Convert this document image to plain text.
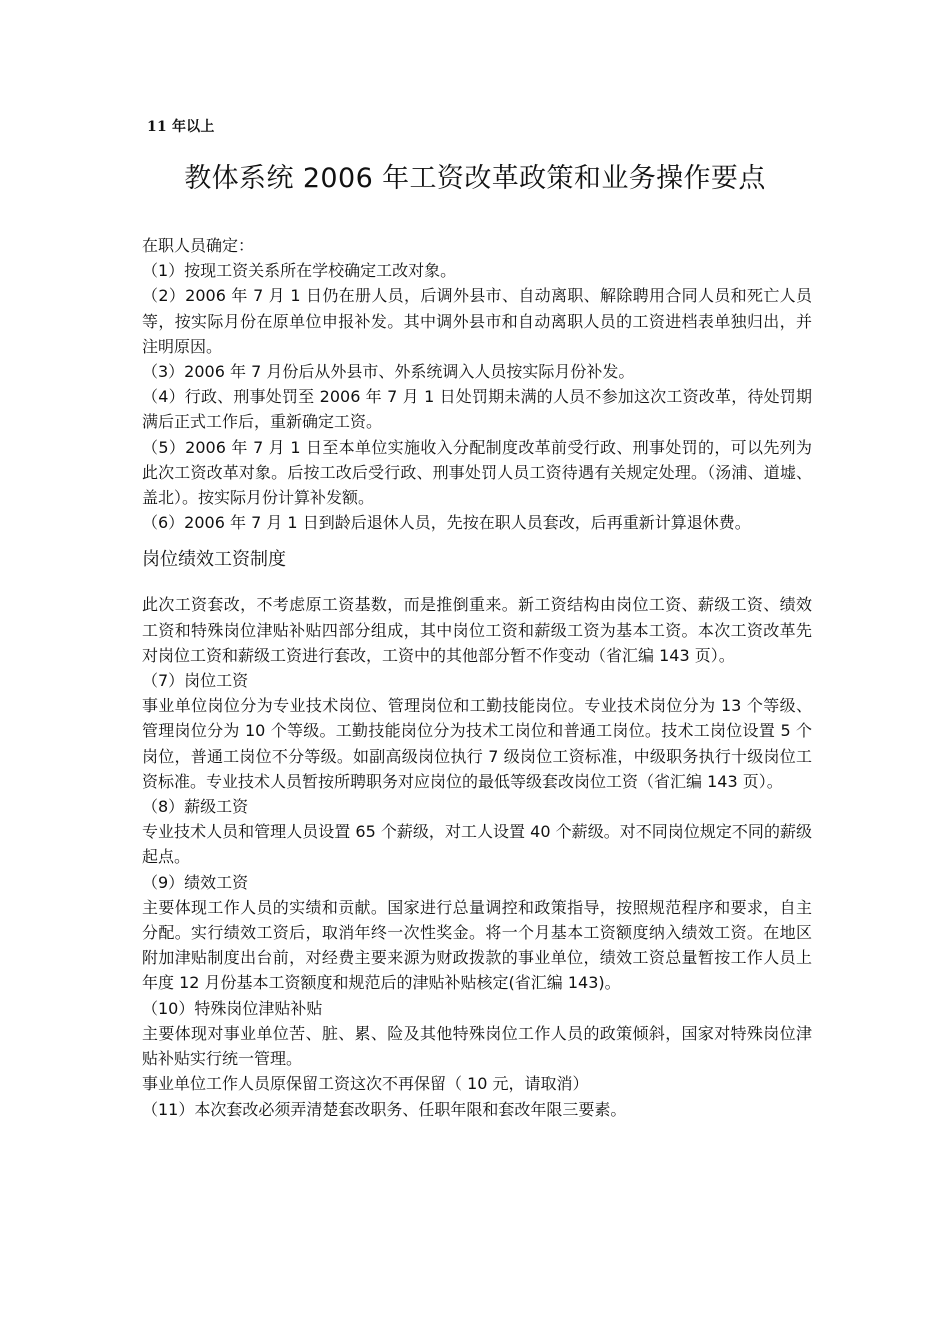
11 年以上
教体系统 2006 年工资改革政策和业务操作要点

在职人员确定：

（1）按现工资关系所在学校确定工改对象。

（2）2006 年 7 月 1 日仍在册人员，后调外县市、自动离职、解除聘用合同人员和死亡人员等，按实际月份在原单位申报补发。其中调外县市和自动离职人员的工资进档表单独归出，并注明原因。

（3）2006 年 7 月份后从外县市、外系统调入人员按实际月份补发。

（4）行政、刑事处罚至 2006 年 7 月 1 日处罚期未满的人员不参加这次工资改革，待处罚期满后正式工作后，重新确定工资。

（5）2006 年 7 月 1 日至本单位实施收入分配制度改革前受行政、刑事处罚的，可以先列为此次工资改革对象。后按工改后受行政、刑事处罚人员工资待遇有关规定处理。（汤浦、道墟、盖北）。按实际月份计算补发额。

（6）2006 年 7 月 1 日到龄后退休人员，先按在职人员套改，后再重新计算退休费。

岗位绩效工资制度

此次工资套改，不考虑原工资基数，而是推倒重来。新工资结构由岗位工资、薪级工资、绩效工资和特殊岗位津贴补贴四部分组成，其中岗位工资和薪级工资为基本工资。本次工资改革先对岗位工资和薪级工资进行套改，工资中的其他部分暂不作变动（省汇编 143 页）。

（7）岗位工资

事业单位岗位分为专业技术岗位、管理岗位和工勤技能岗位。专业技术岗位分为 13 个等级、管理岗位分为 10 个等级。工勤技能岗位分为技术工岗位和普通工岗位。技术工岗位设置 5 个岗位，普通工岗位不分等级。如副高级岗位执行 7 级岗位工资标准，中级职务执行十级岗位工资标准。专业技术人员暂按所聘职务对应岗位的最低等级套改岗位工资（省汇编 143 页）。

（8）薪级工资

专业技术人员和管理人员设置 65 个薪级，对工人设置 40 个薪级。对不同岗位规定不同的薪级起点。

（9）绩效工资

主要体现工作人员的实绩和贡献。国家进行总量调控和政策指导，按照规范程序和要求，自主分配。实行绩效工资后，取消年终一次性奖金。将一个月基本工资额度纳入绩效工资。在地区附加津贴制度出台前，对经费主要来源为财政拨款的事业单位，绩效工资总量暂按工作人员上年度 12 月份基本工资额度和规范后的津贴补贴核定(省汇编 143)。

（10）特殊岗位津贴补贴

主要体现对事业单位苦、脏、累、险及其他特殊岗位工作人员的政策倾斜，国家对特殊岗位津贴补贴实行统一管理。

事业单位工作人员原保留工资这次不再保留（ 10 元，请取消）

（11）本次套改必须弄清楚套改职务、任职年限和套改年限三要素。
